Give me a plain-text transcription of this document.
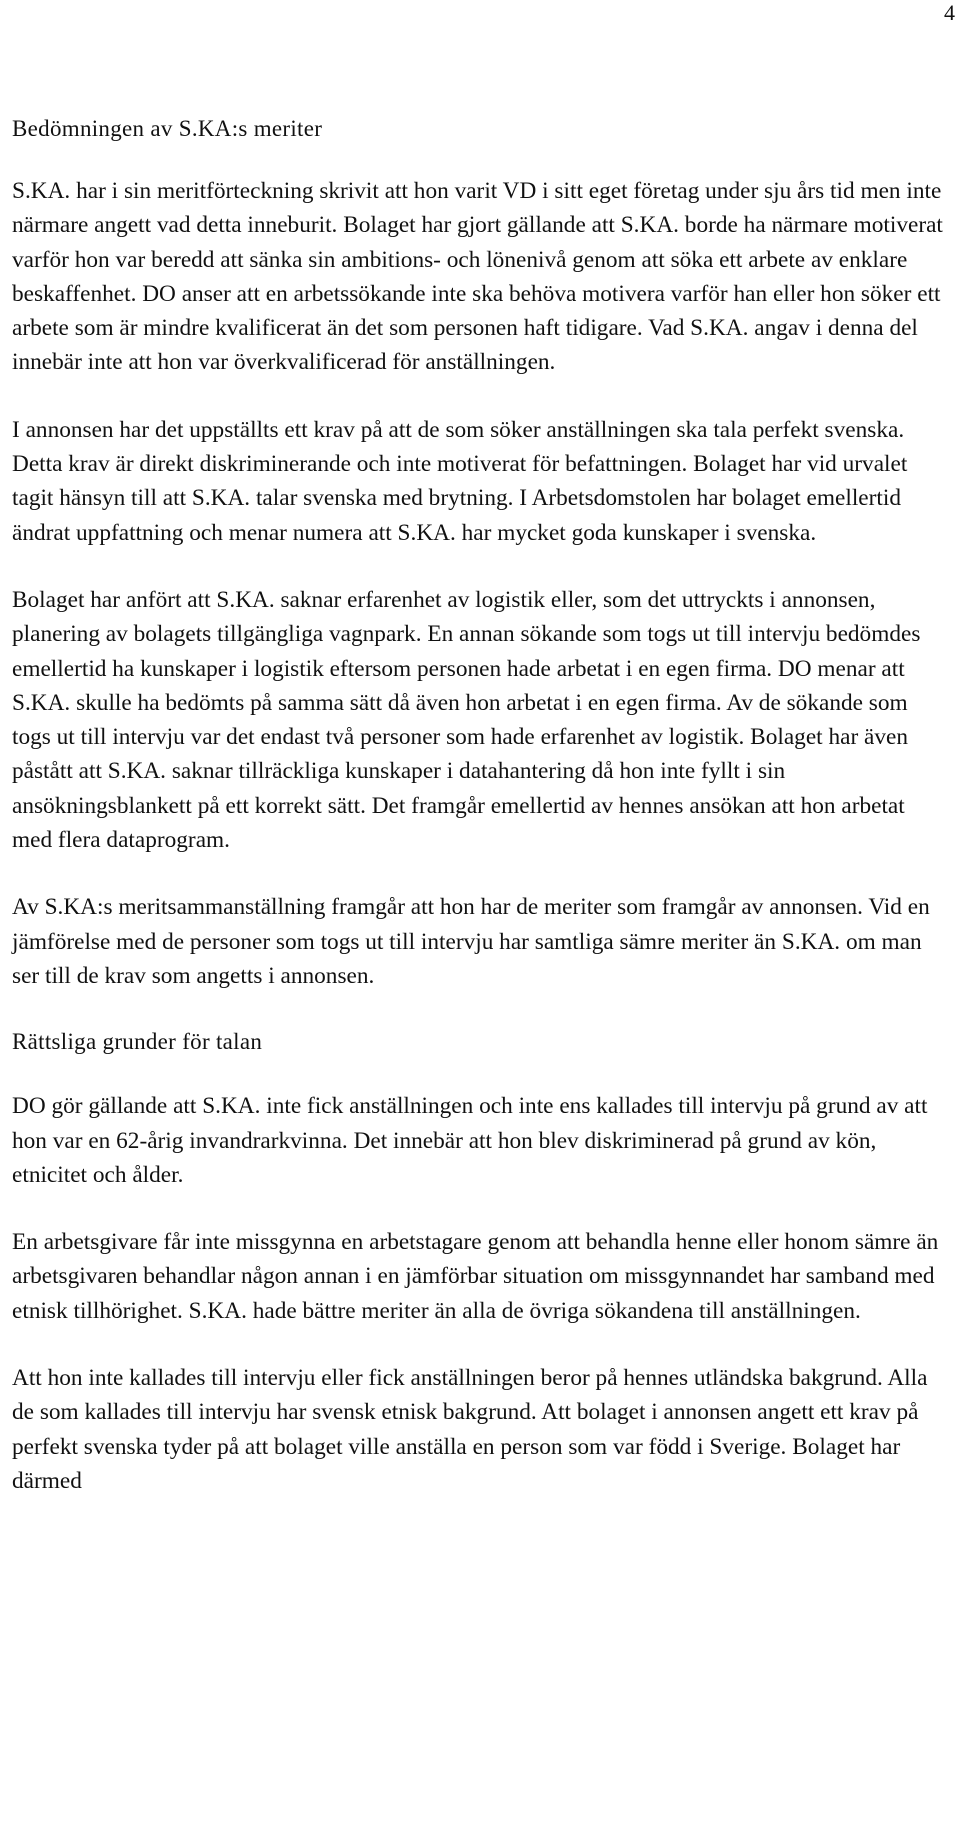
4
Bedömningen av S.KA:s meriter

S.KA. har i sin meritförteckning skrivit att hon varit VD i sitt eget företag under sju års tid men inte närmare angett vad detta inneburit. Bolaget har gjort gällande att S.KA. borde ha närmare motiverat varför hon var beredd att sänka sin ambitions- och lönenivå genom att söka ett arbete av enklare beskaffenhet. DO anser att en arbetssökande inte ska behöva motivera varför han eller hon söker ett arbete som är mindre kvalificerat än det som personen haft tidigare. Vad S.KA. angav i denna del innebär inte att hon var överkvalificerad för anställningen.

I annonsen har det uppställts ett krav på att de som söker anställningen ska tala perfekt svenska. Detta krav är direkt diskriminerande och inte motiverat för befattningen. Bolaget har vid urvalet tagit hänsyn till att S.KA. talar svenska med brytning. I Arbetsdomstolen har bolaget emellertid ändrat uppfattning och menar numera att S.KA. har mycket goda kunskaper i svenska.

Bolaget har anfört att S.KA. saknar erfarenhet av logistik eller, som det uttryckts i annonsen, planering av bolagets tillgängliga vagnpark. En annan sökande som togs ut till intervju bedömdes emellertid ha kunskaper i logistik eftersom personen hade arbetat i en egen firma. DO menar att S.KA. skulle ha bedömts på samma sätt då även hon arbetat i en egen firma. Av de sökande som togs ut till intervju var det endast två personer som hade erfarenhet av logistik. Bolaget har även påstått att S.KA. saknar tillräckliga kunskaper i datahantering då hon inte fyllt i sin ansökningsblankett på ett korrekt sätt. Det framgår emellertid av hennes ansökan att hon arbetat med flera dataprogram.

Av S.KA:s meritsammanställning framgår att hon har de meriter som framgår av annonsen. Vid en jämförelse med de personer som togs ut till intervju har samtliga sämre meriter än S.KA. om man ser till de krav som angetts i annonsen.

Rättsliga grunder för talan

DO gör gällande att S.KA. inte fick anställningen och inte ens kallades till intervju på grund av att hon var en 62-årig invandrarkvinna. Det innebär att hon blev diskriminerad på grund av kön, etnicitet och ålder.

En arbetsgivare får inte missgynna en arbetstagare genom att behandla henne eller honom sämre än arbetsgivaren behandlar någon annan i en jämförbar situation om missgynnandet har samband med etnisk tillhörighet. S.KA. hade bättre meriter än alla de övriga sökandena till anställningen.

Att hon inte kallades till intervju eller fick anställningen beror på hennes utländska bakgrund. Alla de som kallades till intervju har svensk etnisk bakgrund. Att bolaget i annonsen angett ett krav på perfekt svenska tyder på att bolaget ville anställa en person som var född i Sverige. Bolaget har därmed
